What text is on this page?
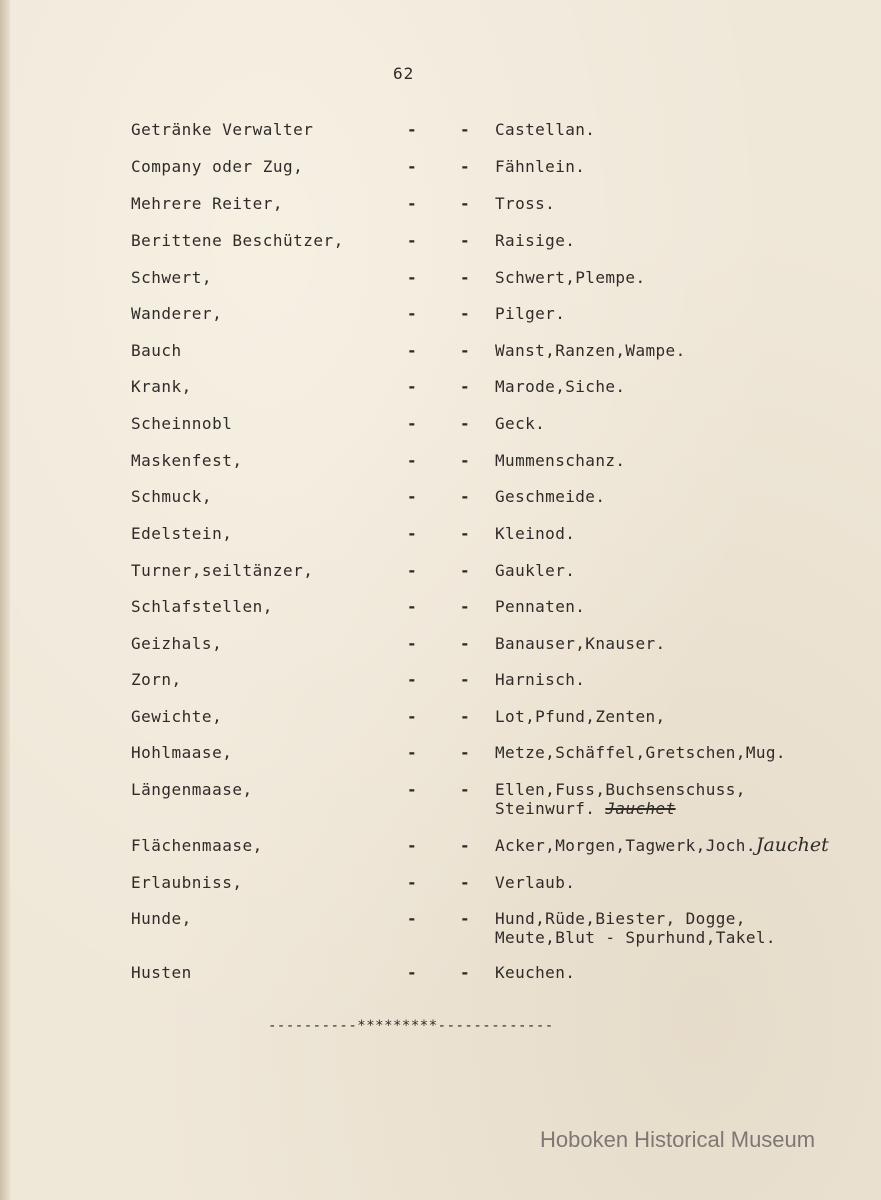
62
Getränke Verwalter	-	- Castellan.
Company oder Zug,	-	- Fähnlein.
Mehrere Reiter,	-	- Tross.
Berittene Beschützer,	-	- Raisige.
Schwert,	-	- Schwert,Plempe.
Wanderer,	-	- Pilger.
Bauch	-	- Wanst,Ranzen,Wampe.
Krank,	-	- Marode,Siche.
Scheinnobl	-	- Geck.
Maskenfest,	-	- Mummenschanz.
Schmuck,	-	- Geschmeide.
Edelstein,	-	- Kleinod.
Turner,seiltänzer,	-	- Gaukler.
Schlafstellen,	-	- Pennaten.
Geizhals,	-	- Banauser,Knauser.
Zorn,	-	- Harnisch.
Gewichte,	-	- Lot,Pfund,Zenten,
Hohlmaase,	-	- Metze,Schäffel,Gretschen,Mug.
Längenmaase,	-	- Ellen,Fuss,Buchsenschuss,
Steinwurf. Jauchet
Flächenmaase,	-	- Acker,Morgen,Tagwerk,Joch.Jauchet
Erlaubniss,	-	- Verlaub.
Hunde,	-	- Hund,Rüde,Biester, Dogge,
Meute,Blut - Spurhund,Takel.
Husten	-	- Keuchen.
----------*********-------------
Hoboken Historical Museum
